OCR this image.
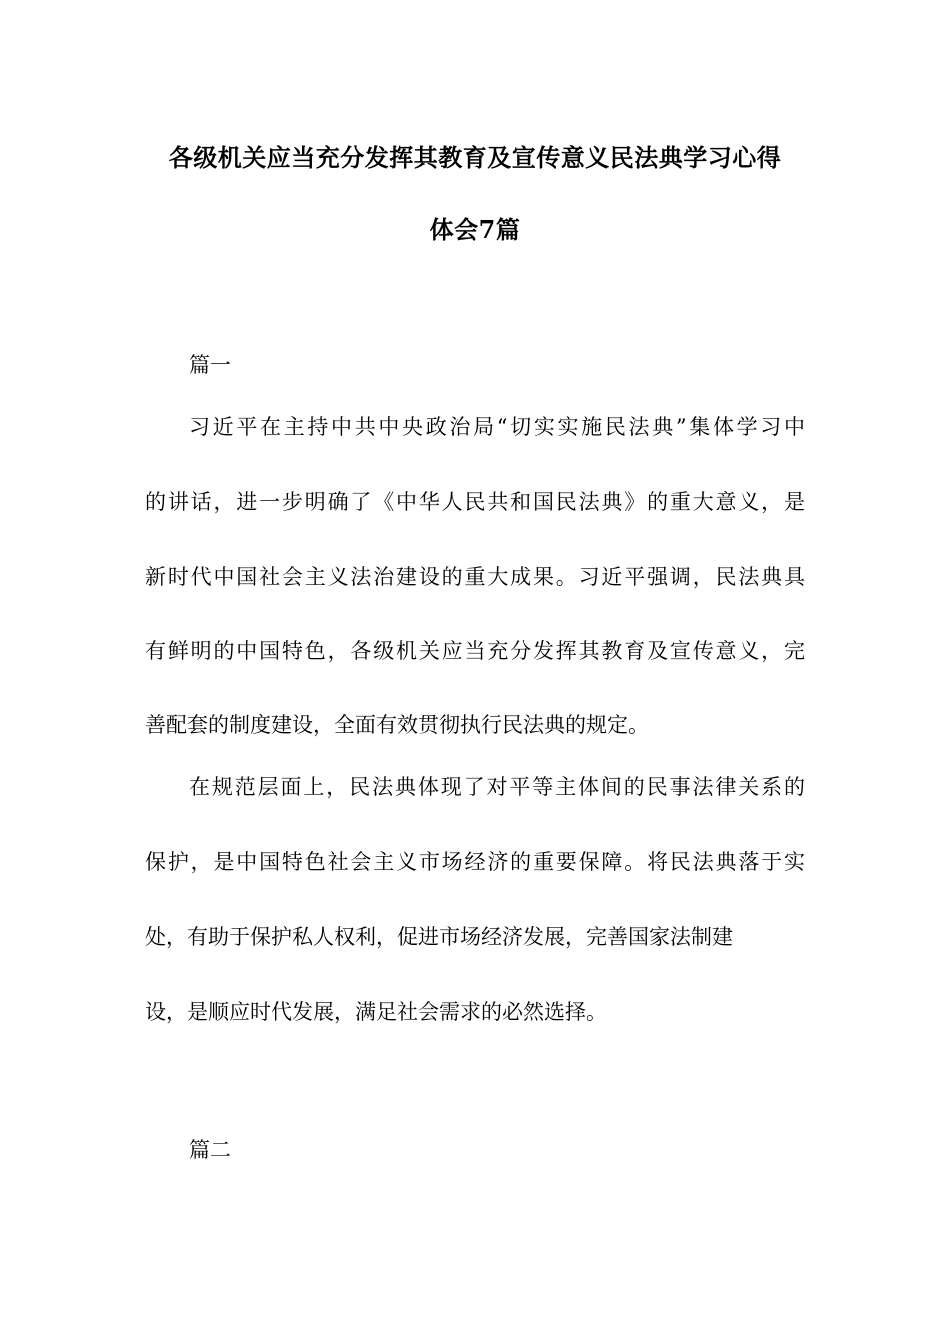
各级机关应当充分发挥其教育及宣传意义民法典学习心得
体会7篇
篇一
习近平在主持中共中央政治局“切实实施民法典”集体学习中
的讲话，进一步明确了《中华人民共和国民法典》的重大意义，是
新时代中国社会主义法治建设的重大成果。习近平强调，民法典具
有鲜明的中国特色，各级机关应当充分发挥其教育及宣传意义，完
善配套的制度建设，全面有效贯彻执行民法典的规定。
在规范层面上，民法典体现了对平等主体间的民事法律关系的
保护，是中国特色社会主义市场经济的重要保障。将民法典落于实
处，有助于保护私人权利，促进市场经济发展，完善国家法制建
设，是顺应时代发展，满足社会需求的必然选择。
篇二
